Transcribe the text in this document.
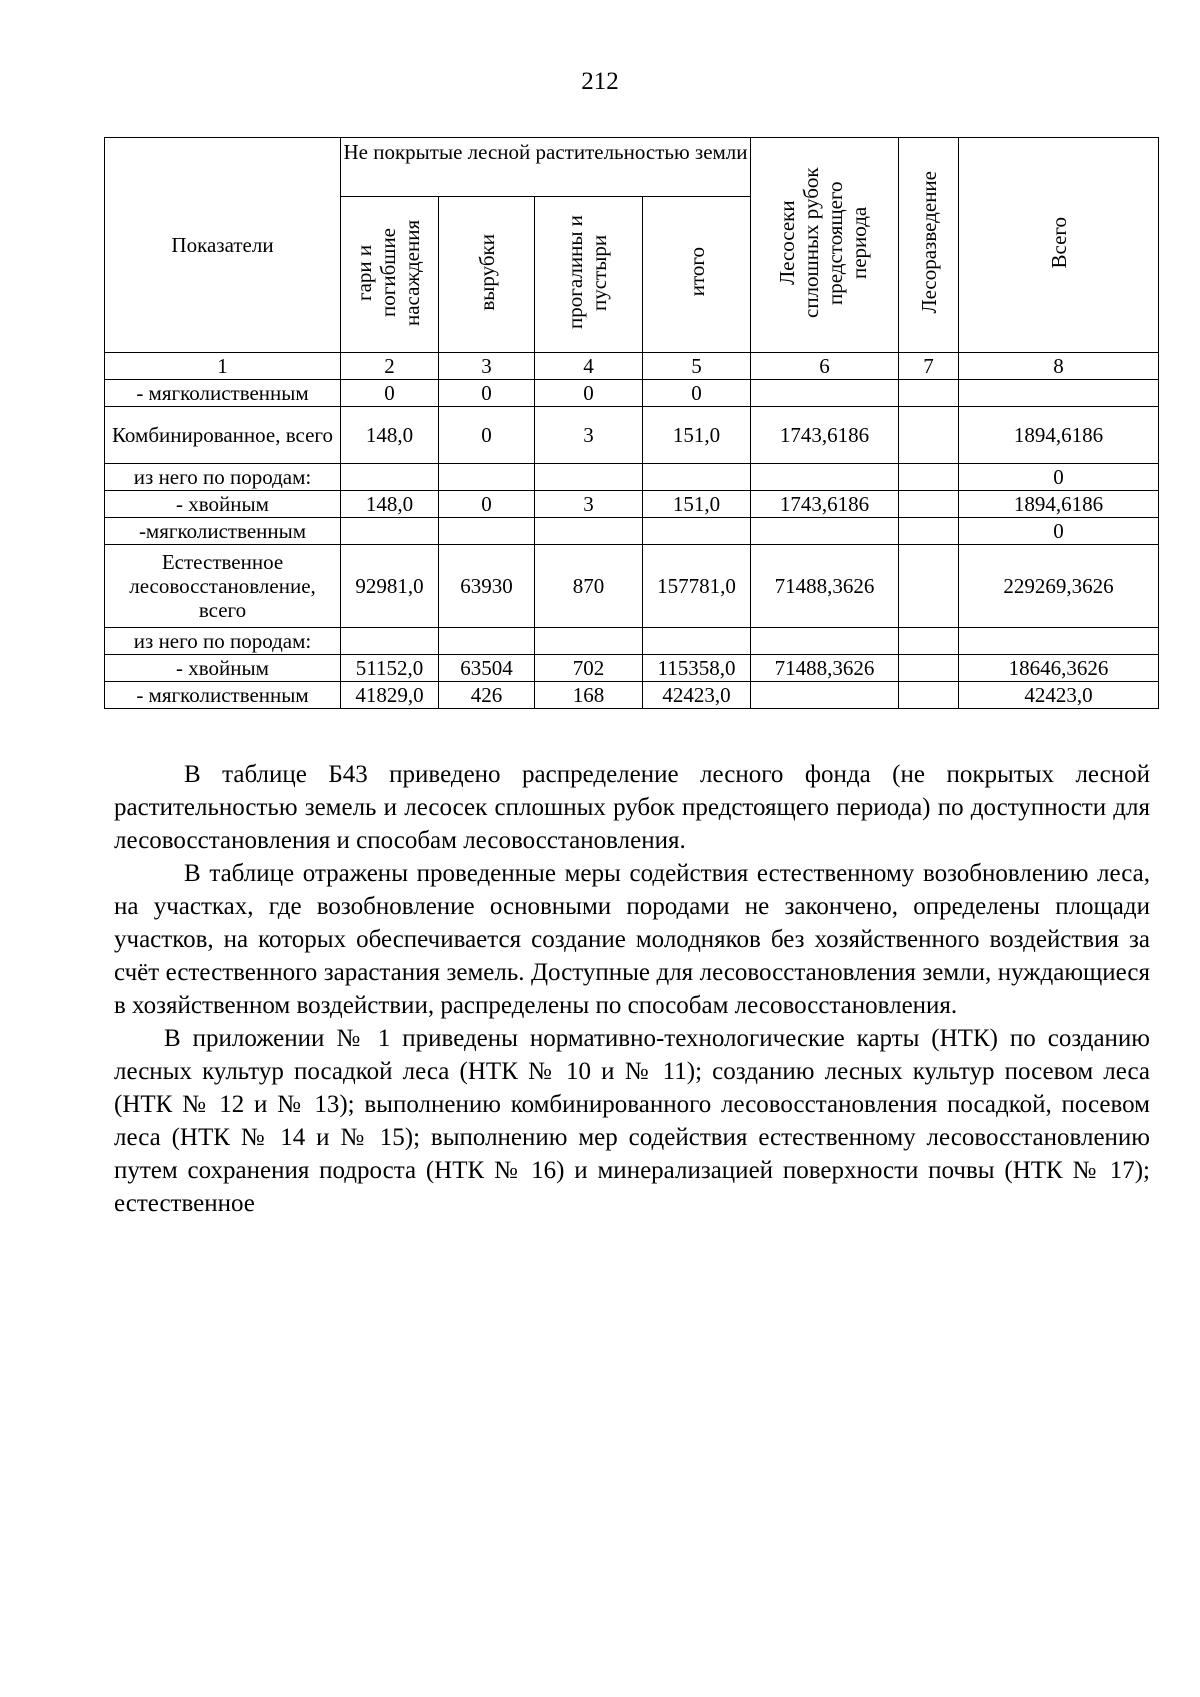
212
Показатели	Не покрытые лесной растительностью земли				Лесосеки сплошных рубок предстоящего периода	Лесоразведение	Всего
	гари и погибшие насаждения	вырубки	прогалины и пустыри	итого			
1	2	3	4	5	6	7	8
- мягколиственным	0	0	0	0			
Комбинированное, всего	148,0	0	3	151,0	1743,6186		1894,6186
из него по породам:							0
- хвойным	148,0	0	3	151,0	1743,6186		1894,6186
-мягколиственным							0
Естественное лесовосстановление, всего	92981,0	63930	870	157781,0	71488,3626		229269,3626
из него по породам:							
- хвойным	51152,0	63504	702	115358,0	71488,3626		18646,3626
- мягколиственным	41829,0	426	168	42423,0			42423,0

В таблице Б43 приведено распределение лесного фонда (не покрытых лесной растительностью земель и лесосек сплошных рубок предстоящего периода) по доступности для лесовосстановления и способам лесовосстановления.

В таблице отражены проведенные меры содействия естественному возобновлению леса, на участках, где возобновление основными породами не закончено, определены площади участков, на которых обеспечивается создание молодняков без хозяйственного воздействия за счёт естественного зарастания земель. Доступные для лесовосстановления земли, нуждающиеся в хозяйственном воздействии, распределены по способам лесовосстановления.

В приложении № 1 приведены нормативно-технологические карты (НТК) по созданию лесных культур посадкой леса (НТК № 10 и № 11); созданию лесных культур посевом леса (НТК № 12 и № 13); выполнению комбинированного лесовосстановления посадкой, посевом леса (НТК № 14 и № 15); выполнению мер содействия естественному лесовосстановлению путем сохранения подроста (НТК № 16) и минерализацией поверхности почвы (НТК № 17); естественное
